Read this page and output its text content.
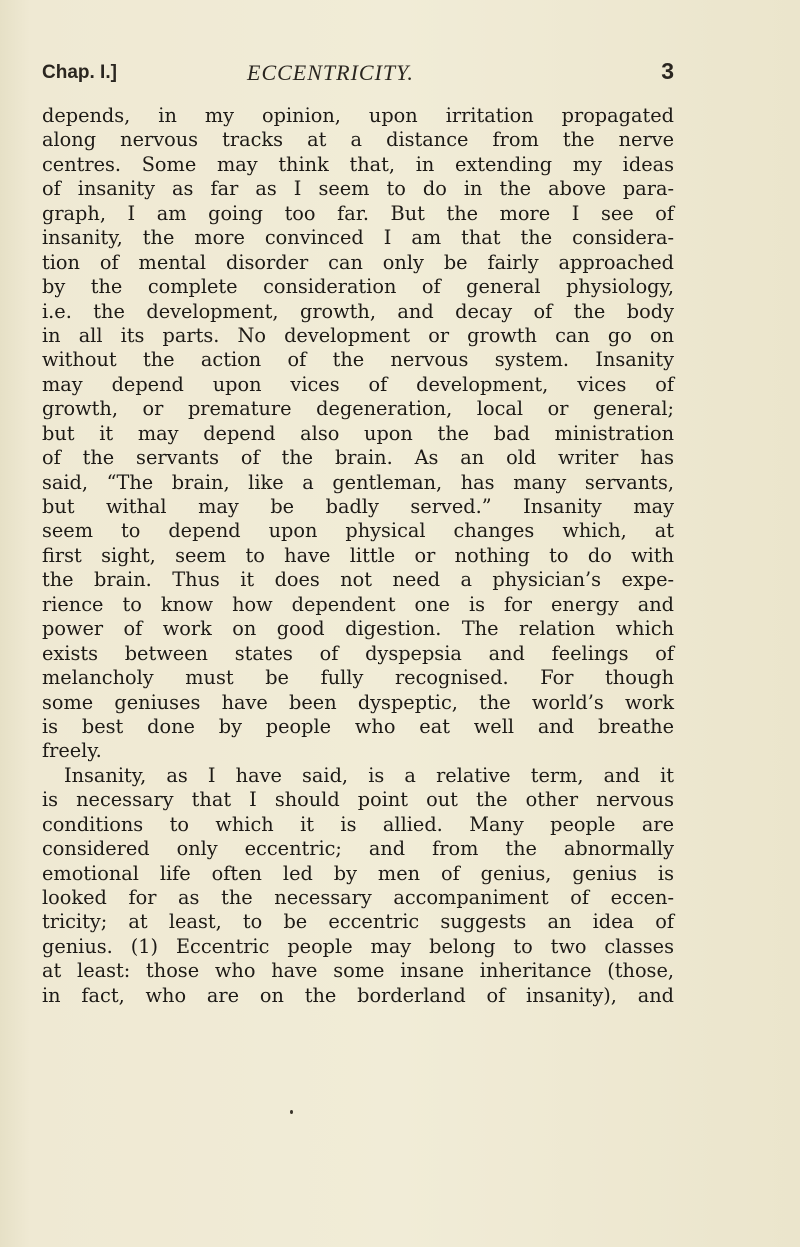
Chap. I.]	ECCENTRICITY.	3
depends, in my opinion, upon irritation propagated
along nervous tracks at a distance from the nerve
centres. Some may think that, in extending my ideas
of insanity as far as I seem to do in the above para-
graph, I am going too far. But the more I see of
insanity, the more convinced I am that the considera-
tion of mental disorder can only be fairly approached
by the complete consideration of general physiology,
i.e. the development, growth, and decay of the body
in all its parts. No development or growth can go on
without the action of the nervous system. Insanity
may depend upon vices of development, vices of
growth, or premature degeneration, local or general;
but it may depend also upon the bad ministration
of the servants of the brain. As an old writer has
said, “The brain, like a gentleman, has many servants,
but withal may be badly served.” Insanity may
seem to depend upon physical changes which, at
first sight, seem to have little or nothing to do with
the brain. Thus it does not need a physician’s expe-
rience to know how dependent one is for energy and
power of work on good digestion. The relation which
exists between states of dyspepsia and feelings of
melancholy must be fully recognised. For though
some geniuses have been dyspeptic, the world’s work
is best done by people who eat well and breathe
freely.
Insanity, as I have said, is a relative term, and it
is necessary that I should point out the other nervous
conditions to which it is allied. Many people are
considered only eccentric; and from the abnormally
emotional life often led by men of genius, genius is
looked for as the necessary accompaniment of eccen-
tricity; at least, to be eccentric suggests an idea of
genius. (1) Eccentric people may belong to two classes
at least: those who have some insane inheritance (those,
in fact, who are on the borderland of insanity), and
